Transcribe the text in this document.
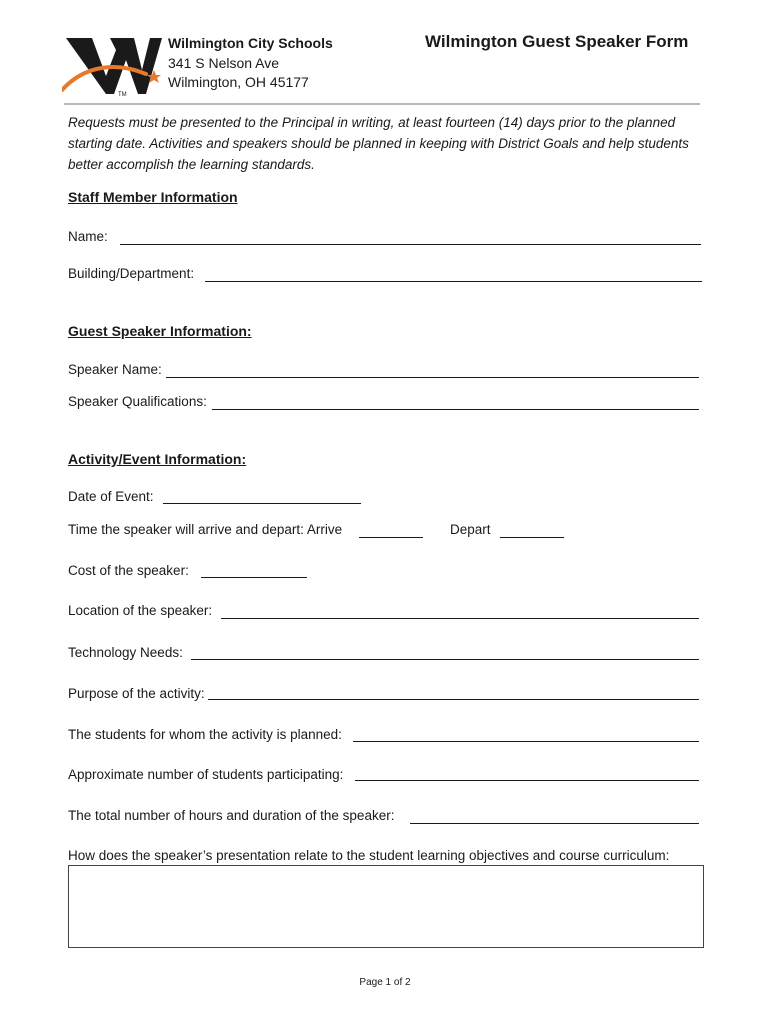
TM
Wilmington City Schools
341 S Nelson Ave
Wilmington, OH 45177
Wilmington Guest Speaker Form
Requests must be presented to the Principal in writing, at least fourteen (14) days prior to the planned starting date. Activities and speakers should be planned in keeping with District Goals and help students better accomplish the learning standards.
Staff Member Information
Name:
Building/Department:
Guest Speaker Information:
Speaker Name:
Speaker Qualifications:
Activity/Event Information:
Date of Event:
Time the speaker will arrive and depart: Arrive	Depart
Cost of the speaker:
Location of the speaker:
Technology Needs:
Purpose of the activity:
The students for whom the activity is planned:
Approximate number of students participating:
The total number of hours and duration of the speaker:
How does the speaker’s presentation relate to the student learning objectives and course curriculum:
Page 1 of 2
